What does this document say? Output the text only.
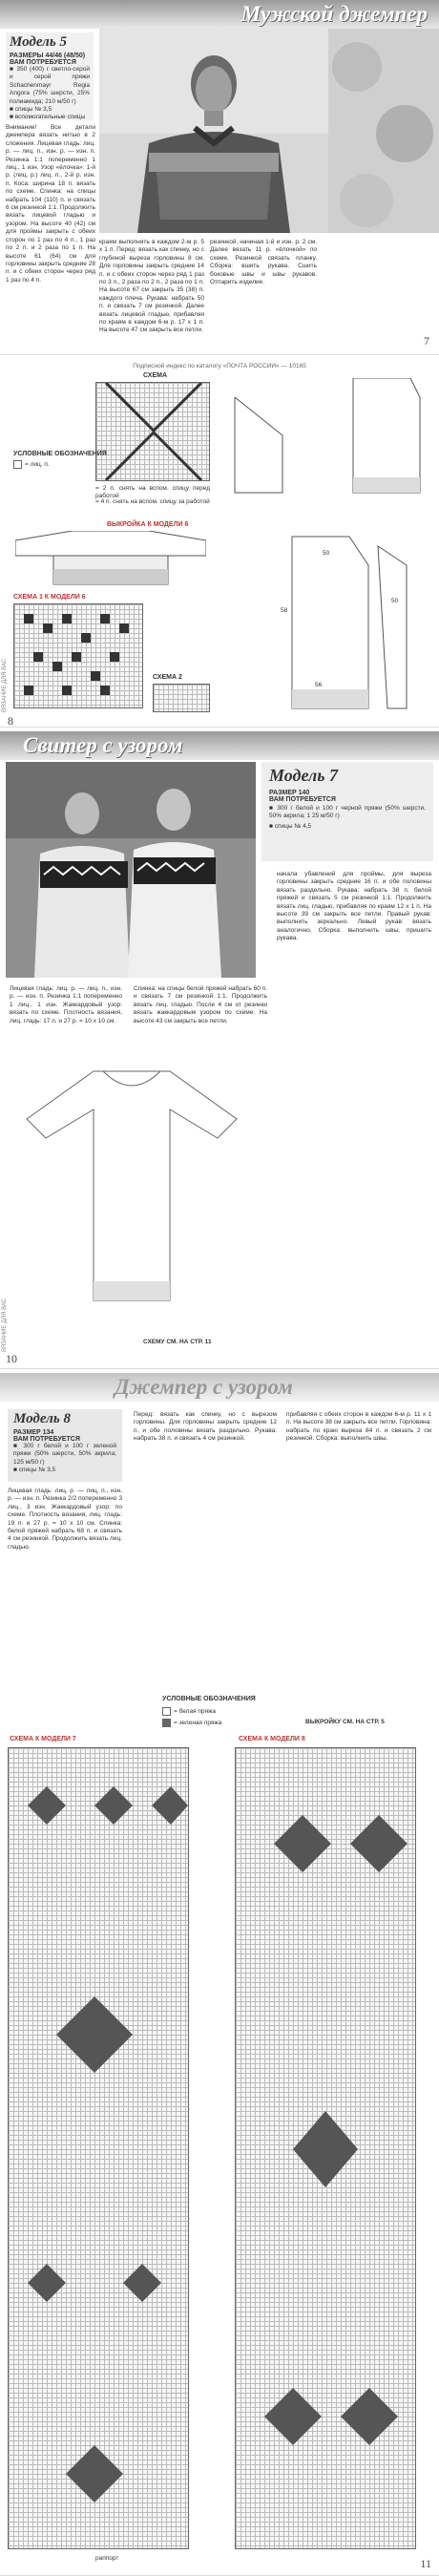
Мужской джемпер
Модель 5
РАЗМЕРЫ 44/46 (48/50)
ВАМ ПОТРЕБУЕТСЯ
■ 350 (400) г светло-серой и серой пряжи Schachenmayr Regia Angora (75% шерсти, 25% полиамида; 210 м/50 г)
■ спицы № 3,5
■ вспомогательные спицы
Внимание! Все детали джемпера вязать нитью в 2 сложения. Лицевая гладь: лиц. р. — лиц. п., изн. р. — изн. п. Резинка 1:1 попеременно 1 лиц., 1 изн. Узор «ёлочка»: 1-й р. (лиц. р.) лиц. п., 2-й р. изн. п. Коса: ширина 18 п. вязать по схеме. Спинка: на спицы набрать 104 (110) п. и связать 6 см резинкой 1:1. Продолжить вязать лицевой гладью и узором. На высоте 40 (42) см для проймы закрыть с обеих сторон по 1 раз по 4 п., 1 раз по 2 п. и 2 раза по 1 п. На высоте 61 (64) см для горловины закрыть средние 28 п. и с обеих сторон через ряд 1 раз по 4 п.
краям выполнять в каждом 2-м р. 5 х 1 п. Перед: вязать как спинку, но с глубиной выреза горловины 8 см. Для горловины закрыть средние 14 п. и с обеих сторон через ряд 1 раз по 3 п., 2 раза по 2 п., 2 раза по 1 п. На высоте 67 см закрыть 35 (38) п. каждого плеча. Рукава: набрать 50 п. и связать 7 см резинкой. Далее вязать лицевой гладью, прибавляя по краям в каждом 6-м р. 17 х 1 п. На высоте 47 см закрыть все петли.
резинкой, начиная 1-й и изн. р. 2 см. Далее вязать 11 р. «ёлочкой» по схеме. Резинкой связать планку. Сборка: вшить рукава. Сшить боковые швы и швы рукавов. Отпарить изделие.
7
Подписной индекс по каталогу «ПОЧТА РОССИИ» — 10165
СХЕМА
УСЛОВНЫЕ ОБОЗНАЧЕНИЯ
= лиц. п.
= 2 п. снять на вспом. спицу перед работой
= 4 п. снять на вспом. спицу за работой
ВЫКРОЙКА К МОДЕЛИ 6
СХЕМА 1 К МОДЕЛИ 6
50
58
50
56
СХЕМА 2
ВЯЗАНИЕ ДЛЯ ВАС
8
Свитер с узором
Модель 7
РАЗМЕР 140
ВАМ ПОТРЕБУЕТСЯ
■ 300 г белой и 100 г черной пряжи (50% шерсти, 50% акрила; 1 25 м/50 г)
■ спицы № 4,5
начала убавлений для проймы, для выреза горловины закрыть средние 16 п. и обе половины вязать раздельно. Рукава: набрать 38 п. белой пряжей и связать 5 см резинкой 1:1. Продолжить вязать лиц. гладью, прибавляя по краям 12 х 1 п. На высоте 39 см закрыть все петли. Правый рукав: выполнить зеркально. Левый рукав: вязать аналогично. Сборка: выполнить швы, пришить рукава.
Лицевая гладь: лиц. р. — лиц. п., изн. р. — изн. п. Резинка 1:1 попеременно 1 лиц., 1 изн. Жаккардовый узор: вязать по схеме. Плотность вязания, лиц. гладь: 17 п. и 27 р. = 10 х 10 см.
Спинка: на спицы белой пряжей набрать 60 п. и связать 7 см резинкой 1:1. Продолжить вязать лиц. гладью. После 4 см от резинки вязать жаккардовым узором по схеме. На высоте 43 см закрыть все петли.
СХЕМУ СМ. НА СТР. 11
ВЯЗАНИЕ ДЛЯ ВАС
10
Джемпер с узором
Модель 8
РАЗМЕР 134
ВАМ ПОТРЕБУЕТСЯ
■ 300 г белой и 100 г зеленой пряжи (50% шерсти, 50% акрила; 125 м/50 г)
■ спицы № 3,5
Лицевая гладь: лиц. р. — лиц. п., изн. р. — изн. п. Резинка 2/2 попеременно 3 лиц., 3 изн. Жаккардовый узор: по схеме. Плотность вязания, лиц. гладь: 19 п. и 27 р. = 10 х 10 см. Спинка: белой пряжей набрать 68 п. и связать 4 см резинкой. Продолжить вязать лиц. гладью.
Перед: вязать как спинку, но с вырезом горловины. Для горловины закрыть средние 12 п. и обе половины вязать раздельно. Рукава: набрать 38 п. и связать 4 см резинкой.
прибавляя с обеих сторон в каждом 6-м р. 11 х 1 п. На высоте 38 см закрыть все петли. Горловина: набрать по краю выреза 84 п. и связать 2 см резинкой. Сборка: выполнить швы.
УСЛОВНЫЕ ОБОЗНАЧЕНИЯ
= белая пряжа
= зеленая пряжа
СХЕМА К МОДЕЛИ 7	СХЕМА К МОДЕЛИ 8
ВЫКРОЙКУ СМ. НА СТР. 5
раппорт	11
